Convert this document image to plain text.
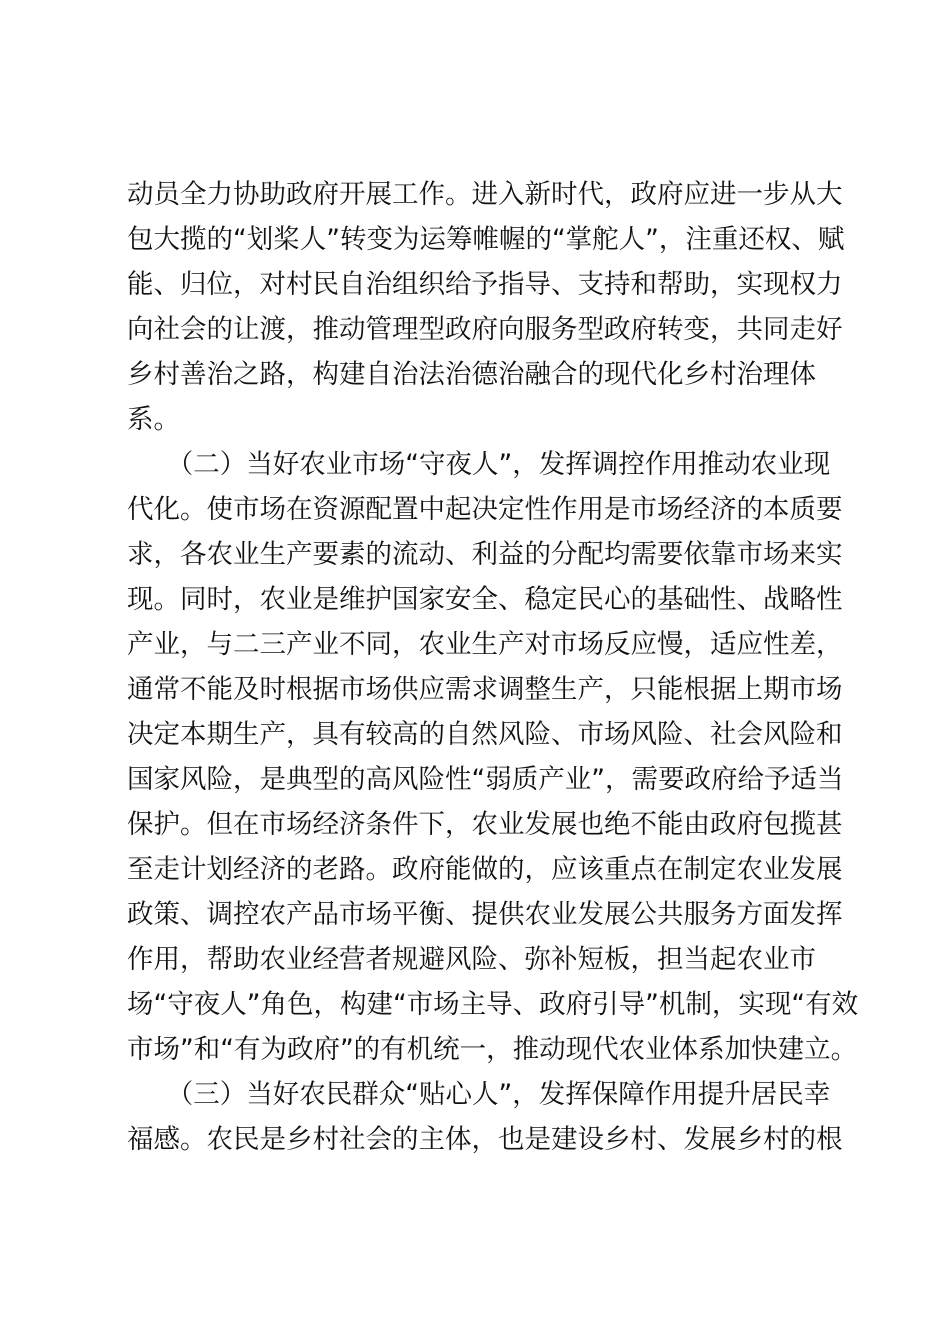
动员全力协助政府开展工作。进入新时代，政府应进一步从大
包大揽的“划桨人”转变为运筹帷幄的“掌舵人”，注重还权、赋
能、归位，对村民自治组织给予指导、支持和帮助，实现权力
向社会的让渡，推动管理型政府向服务型政府转变，共同走好
乡村善治之路，构建自治法治德治融合的现代化乡村治理体
系。
　　（二）当好农业市场“守夜人”，发挥调控作用推动农业现
代化。使市场在资源配置中起决定性作用是市场经济的本质要
求，各农业生产要素的流动、利益的分配均需要依靠市场来实
现。同时，农业是维护国家安全、稳定民心的基础性、战略性
产业，与二三产业不同，农业生产对市场反应慢，适应性差，
通常不能及时根据市场供应需求调整生产，只能根据上期市场
决定本期生产，具有较高的自然风险、市场风险、社会风险和
国家风险，是典型的高风险性“弱质产业”，需要政府给予适当
保护。但在市场经济条件下，农业发展也绝不能由政府包揽甚
至走计划经济的老路。政府能做的，应该重点在制定农业发展
政策、调控农产品市场平衡、提供农业发展公共服务方面发挥
作用，帮助农业经营者规避风险、弥补短板，担当起农业市
场“守夜人”角色，构建“市场主导、政府引导”机制，实现“有效
市场”和“有为政府”的有机统一，推动现代农业体系加快建立。
　　（三）当好农民群众“贴心人”，发挥保障作用提升居民幸
福感。农民是乡村社会的主体，也是建设乡村、发展乡村的根
